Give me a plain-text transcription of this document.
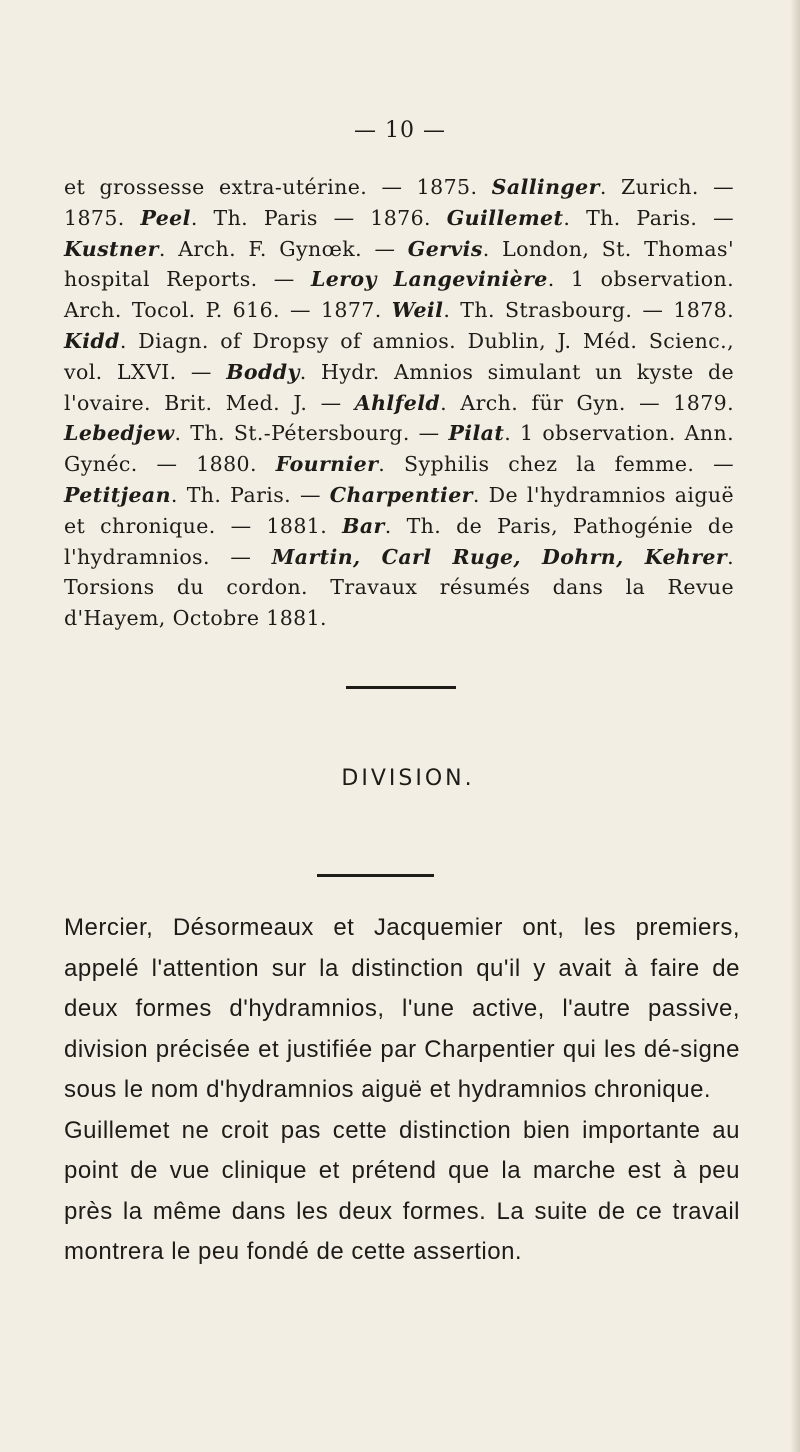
— 10 —
et grossesse extra-utérine. — 1875. Sallinger. Zurich. — 1875. Peel. Th. Paris — 1876. Guillemet. Th. Paris. — Kustner. Arch. F. Gynœk. — Gervis. London, St. Thomas' hospital Reports. — Leroy Langevinière. 1 observation. Arch. Tocol. P. 616. — 1877. Weil. Th. Strasbourg. — 1878. Kidd. Diagn. of Dropsy of amnios. Dublin, J. Méd. Scienc., vol. LXVI. — Boddy. Hydr. Amnios simulant un kyste de l'ovaire. Brit. Med. J. — Ahlfeld. Arch. für Gyn. — 1879. Lebedjew. Th. St.-Pétersbourg. — Pilat. 1 observation. Ann. Gynéc. — 1880. Fournier. Syphilis chez la femme. — Petitjean. Th. Paris. — Charpentier. De l'hydramnios aiguë et chronique. — 1881. Bar. Th. de Paris, Pathogénie de l'hydramnios. — Martin, Carl Ruge, Dohrn, Kehrer. Torsions du cordon. Travaux résumés dans la Revue d'Hayem, Octobre 1881.
DIVISION.

Mercier, Désormeaux et Jacquemier ont, les premiers, appelé l'attention sur la distinction qu'il y avait à faire de deux formes d'hydramnios, l'une active, l'autre passive, division précisée et justifiée par Charpentier qui les dé-signe sous le nom d'hydramnios aiguë et hydramnios chronique.

Guillemet ne croit pas cette distinction bien importante au point de vue clinique et prétend que la marche est à peu près la même dans les deux formes. La suite de ce travail montrera le peu fondé de cette assertion.
